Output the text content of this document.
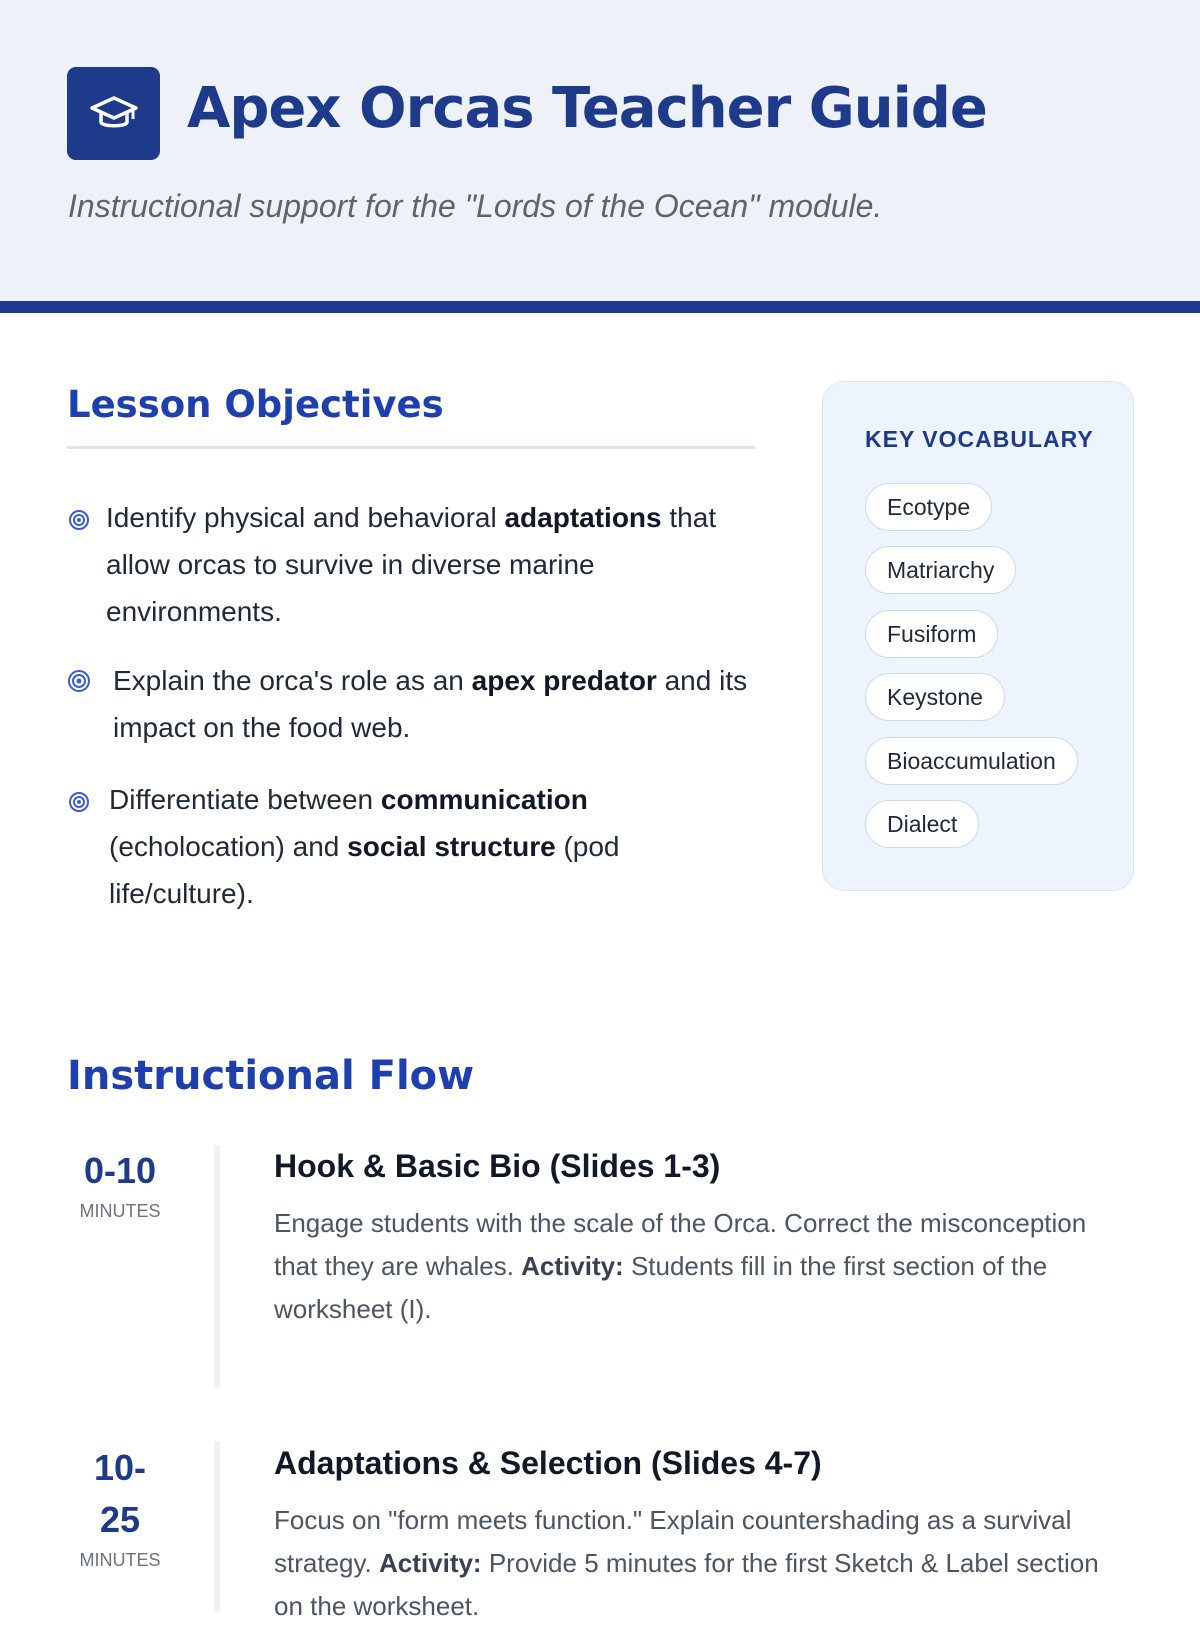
Apex Orcas Teacher Guide
Instructional support for the "Lords of the Ocean" module.
Lesson Objectives
Identify physical and behavioral adaptations that allow orcas to survive in diverse marine environments.
Explain the orca's role as an apex predator and its impact on the food web.
Differentiate between communication (echolocation) and social structure (pod life/culture).
KEY VOCABULARY
Ecotype
Matriarchy
Fusiform
Keystone
Bioaccumulation
Dialect
Instructional Flow
0-10
MINUTES
Hook & Basic Bio (Slides 1-3)
Engage students with the scale of the Orca. Correct the misconception that they are whales. Activity: Students fill in the first section of the worksheet (I).
10-
25
MINUTES
Adaptations & Selection (Slides 4-7)
Focus on "form meets function." Explain countershading as a survival strategy. Activity: Provide 5 minutes for the first Sketch & Label section on the worksheet.
